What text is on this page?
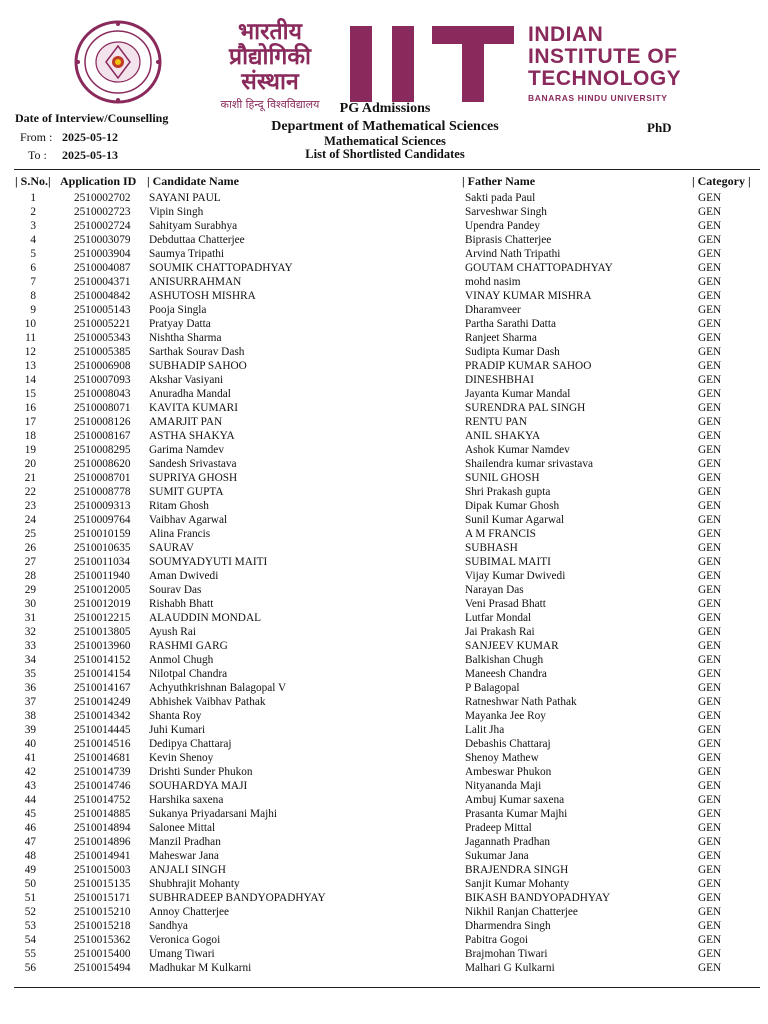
भारतीय
प्रौद्योगिकी
संस्थान
काशी हिन्दू विश्वविद्यालय
INDIAN
INSTITUTE OF
TECHNOLOGY
BANARAS HINDU UNIVERSITY
PG Admissions
Department of Mathematical Sciences
Mathematical Sciences
List of Shortlisted Candidates
Date of Interview/Counselling
From : 2025-05-12
To : 2025-05-13
PhD
| S.No.| Application ID | Candidate Name	| Father Name	| Category |
1	2510002702 SAYANI PAUL	Sakti pada Paul	GEN
2	2510002723 Vipin Singh	Sarveshwar Singh	GEN
3	2510002724 Sahityam Surabhya	Upendra Pandey	GEN
4	2510003079 Debduttaa Chatterjee	Biprasis Chatterjee	GEN
5	2510003904 Saumya Tripathi	Arvind Nath Tripathi	GEN
6	2510004087 SOUMIK CHATTOPADHYAY	GOUTAM CHATTOPADHYAY	GEN
7	2510004371 ANISURRAHMAN	mohd nasim	GEN
8	2510004842 ASHUTOSH MISHRA	VINAY KUMAR MISHRA	GEN
9	2510005143 Pooja Singla	Dharamveer	GEN
10	2510005221 Pratyay Datta	Partha Sarathi Datta	GEN
11	2510005343 Nishtha Sharma	Ranjeet Sharma	GEN
12	2510005385 Sarthak Sourav Dash	Sudipta Kumar Dash	GEN
13	2510006908 SUBHADIP SAHOO	PRADIP KUMAR SAHOO	GEN
14	2510007093 Akshar Vasiyani	DINESHBHAI	GEN
15	2510008043 Anuradha Mandal	Jayanta Kumar Mandal	GEN
16	2510008071 KAVITA KUMARI	SURENDRA PAL SINGH	GEN
17	2510008126 AMARJIT PAN	RENTU PAN	GEN
18	2510008167 ASTHA SHAKYA	ANIL SHAKYA	GEN
19	2510008295 Garima Namdev	Ashok Kumar Namdev	GEN
20	2510008620 Sandesh Srivastava	Shailendra kumar srivastava	GEN
21	2510008701 SUPRIYA GHOSH	SUNIL GHOSH	GEN
22	2510008778 SUMIT GUPTA	Shri Prakash gupta	GEN
23	2510009313 Ritam Ghosh	Dipak Kumar Ghosh	GEN
24	2510009764 Vaibhav Agarwal	Sunil Kumar Agarwal	GEN
25	2510010159 Alina Francis	A M FRANCIS	GEN
26	2510010635 SAURAV	SUBHASH	GEN
27	2510011034 SOUMYADYUTI MAITI	SUBIMAL MAITI	GEN
28	2510011940 Aman Dwivedi	Vijay Kumar Dwivedi	GEN
29	2510012005 Sourav Das	Narayan Das	GEN
30	2510012019 Rishabh Bhatt	Veni Prasad Bhatt	GEN
31	2510012215 ALAUDDIN MONDAL	Lutfar Mondal	GEN
32	2510013805 Ayush Rai	Jai Prakash Rai	GEN
33	2510013960 RASHMI GARG	SANJEEV KUMAR	GEN
34	2510014152 Anmol Chugh	Balkishan Chugh	GEN
35	2510014154 Nilotpal Chandra	Maneesh Chandra	GEN
36	2510014167 Achyuthkrishnan Balagopal V	P Balagopal	GEN
37	2510014249 Abhishek Vaibhav Pathak	Ratneshwar Nath Pathak	GEN
38	2510014342 Shanta Roy	Mayanka Jee Roy	GEN
39	2510014445 Juhi Kumari	Lalit Jha	GEN
40	2510014516 Dedipya Chattaraj	Debashis Chattaraj	GEN
41	2510014681 Kevin Shenoy	Shenoy Mathew	GEN
42	2510014739 Drishti Sunder Phukon	Ambeswar Phukon	GEN
43	2510014746 SOUHARDYA MAJI	Nityananda Maji	GEN
44	2510014752 Harshika saxena	Ambuj Kumar saxena	GEN
45	2510014885 Sukanya Priyadarsani Majhi	Prasanta Kumar Majhi	GEN
46	2510014894 Salonee Mittal	Pradeep Mittal	GEN
47	2510014896 Manzil Pradhan	Jagannath Pradhan	GEN
48	2510014941 Maheswar Jana	Sukumar Jana	GEN
49	2510015003 ANJALI SINGH	BRAJENDRA SINGH	GEN
50	2510015135 Shubhrajit Mohanty	Sanjit Kumar Mohanty	GEN
51	2510015171 SUBHRADEEP BANDYOPADHYAY	BIKASH BANDYOPADHYAY	GEN
52	2510015210 Annoy Chatterjee	Nikhil Ranjan Chatterjee	GEN
53	2510015218 Sandhya	Dharmendra Singh	GEN
54	2510015362 Veronica Gogoi	Pabitra Gogoi	GEN
55	2510015400 Umang Tiwari	Brajmohan Tiwari	GEN
56	2510015494 Madhukar M Kulkarni	Malhari G Kulkarni	GEN
